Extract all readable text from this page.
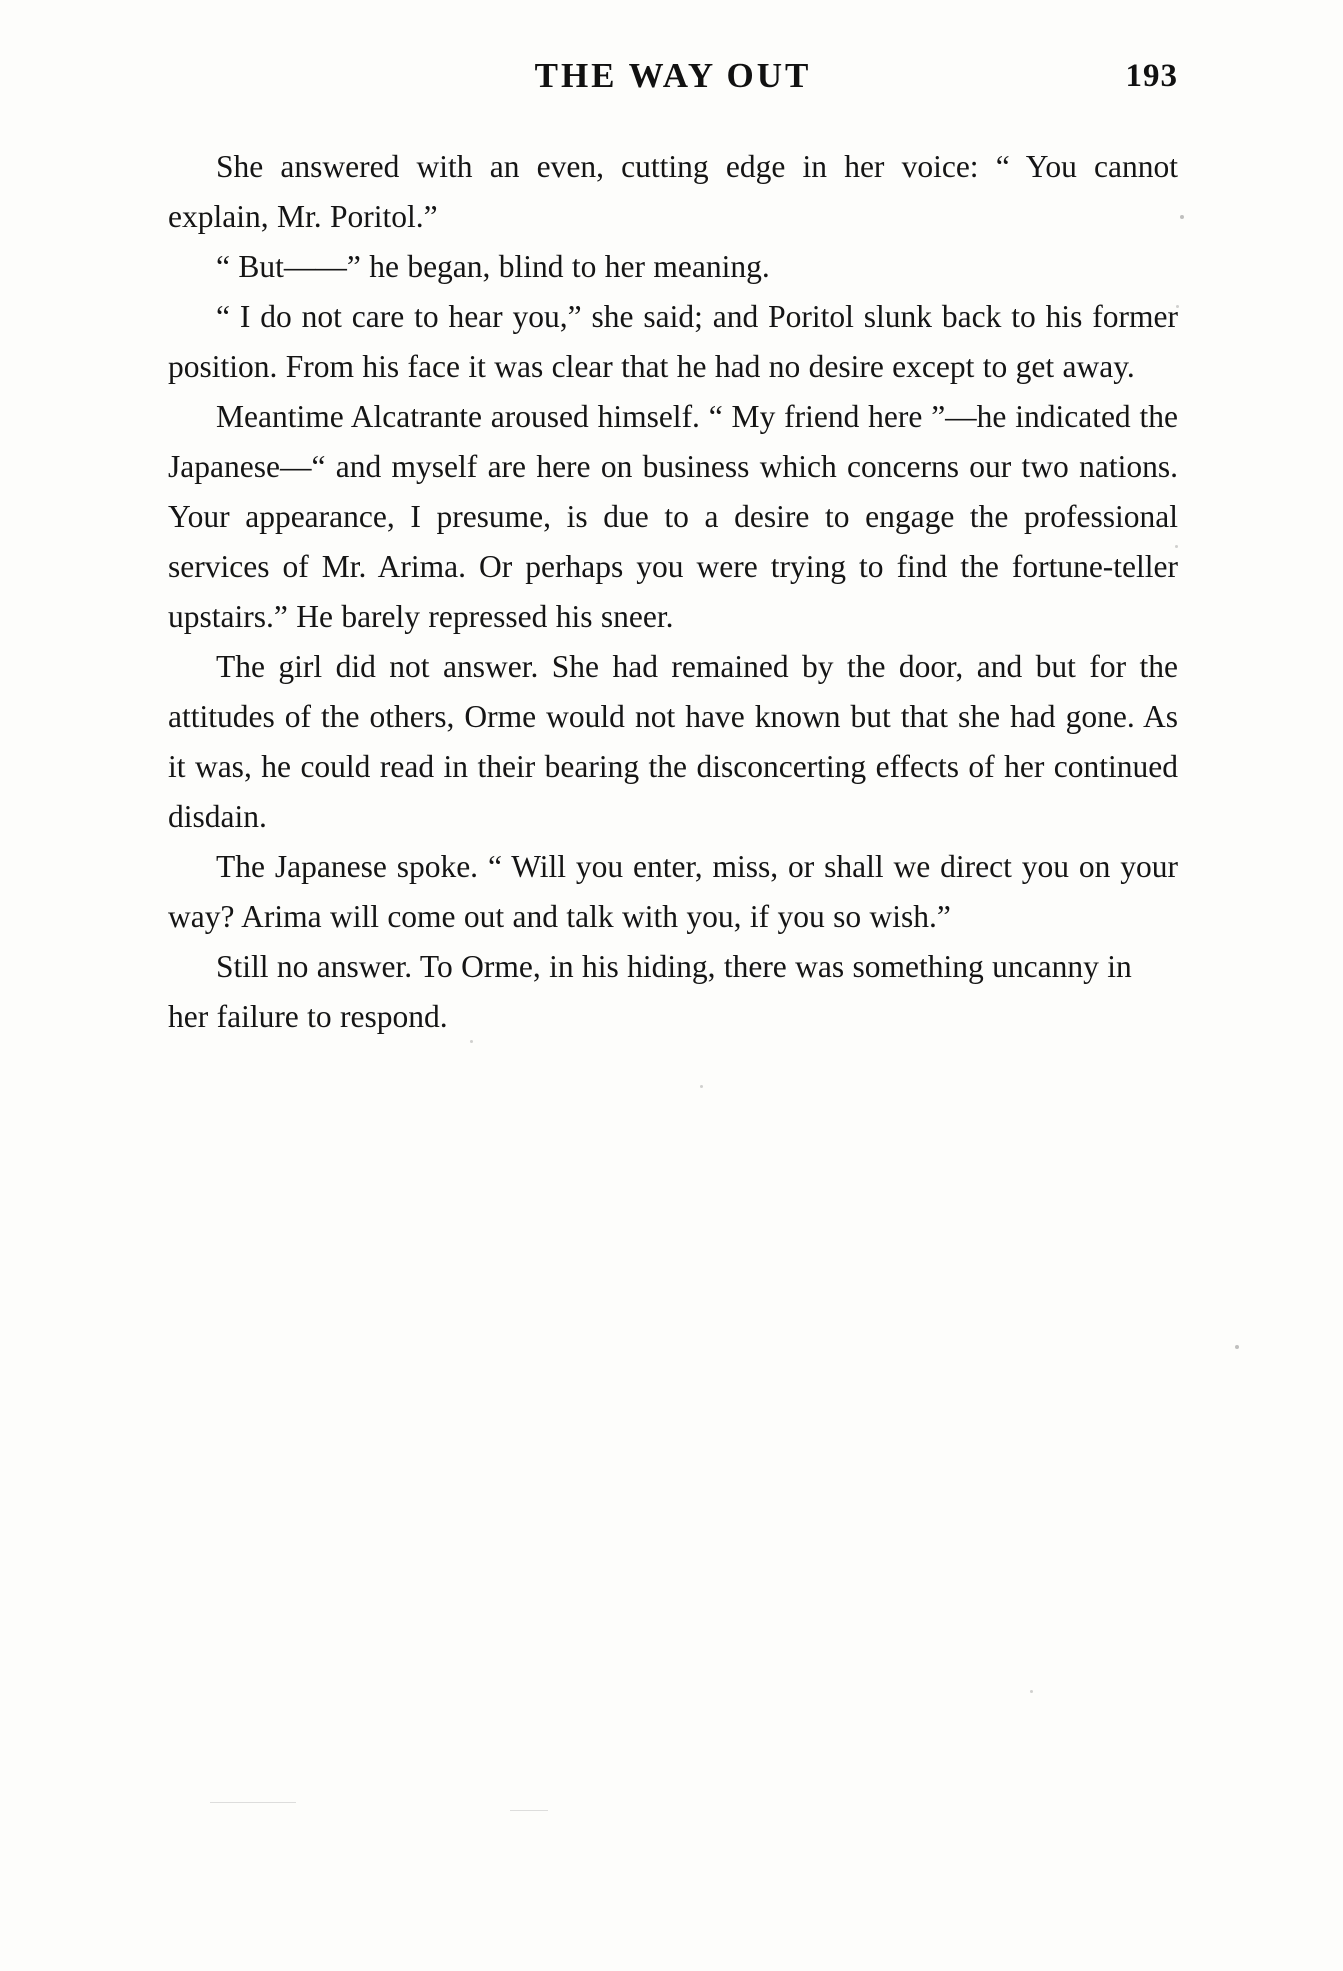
THE WAY OUT	193

She answered with an even, cutting edge in her voice: “ You cannot explain, Mr. Poritol.”

“ But——” he began, blind to her meaning.

“ I do not care to hear you,” she said; and Poritol slunk back to his former position. From his face it was clear that he had no desire except to get away.

Meantime Alcatrante aroused himself. “ My friend here ”—he indicated the Japanese—“ and myself are here on business which concerns our two nations. Your appearance, I presume, is due to a desire to engage the professional services of Mr. Arima. Or perhaps you were trying to find the fortune-teller upstairs.” He barely repressed his sneer.

The girl did not answer. She had remained by the door, and but for the attitudes of the others, Orme would not have known but that she had gone. As it was, he could read in their bearing the disconcerting effects of her continued disdain.

The Japanese spoke. “ Will you enter, miss, or shall we direct you on your way? Arima will come out and talk with you, if you so wish.”

Still no answer. To Orme, in his hiding, there was something uncanny in her failure to respond.
